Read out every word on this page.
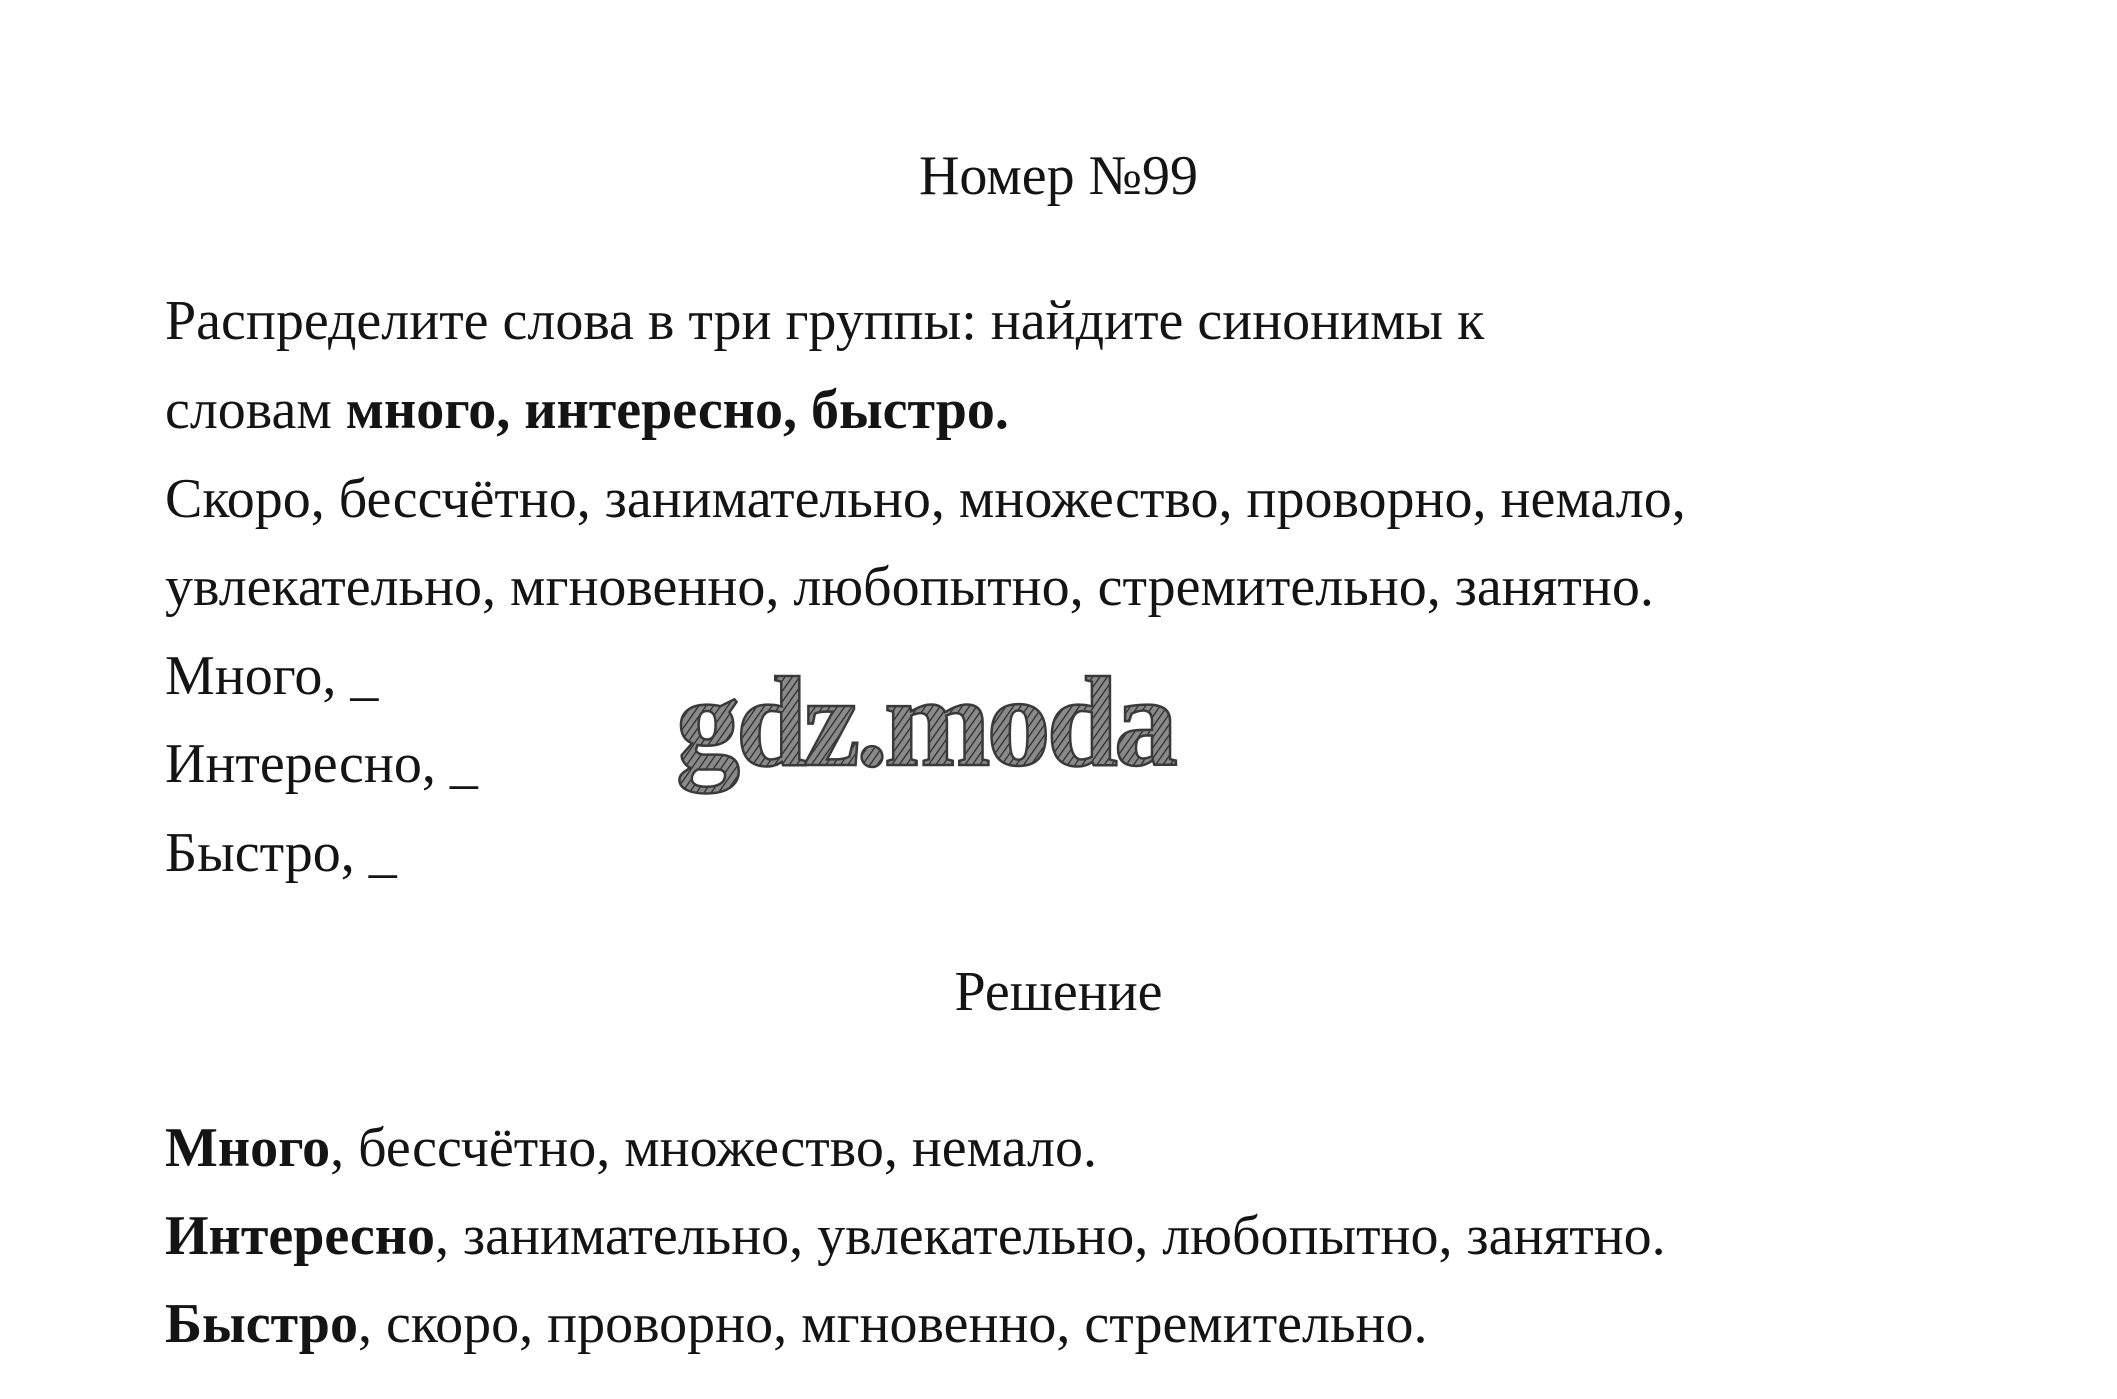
Номер №99
Распределите слова в три группы: найдите синонимы к
словам много, интересно, быстро.
Скоро, бессчётно, занимательно, множество, проворно, немало,
увлекательно, мгновенно, любопытно, стремительно, занятно.
Много, _
Интересно, _
Быстро, _
gdz.moda
Решение
Много, бессчётно, множество, немало.
Интересно, занимательно, увлекательно, любопытно, занятно.
Быстро, скоро, проворно, мгновенно, стремительно.
